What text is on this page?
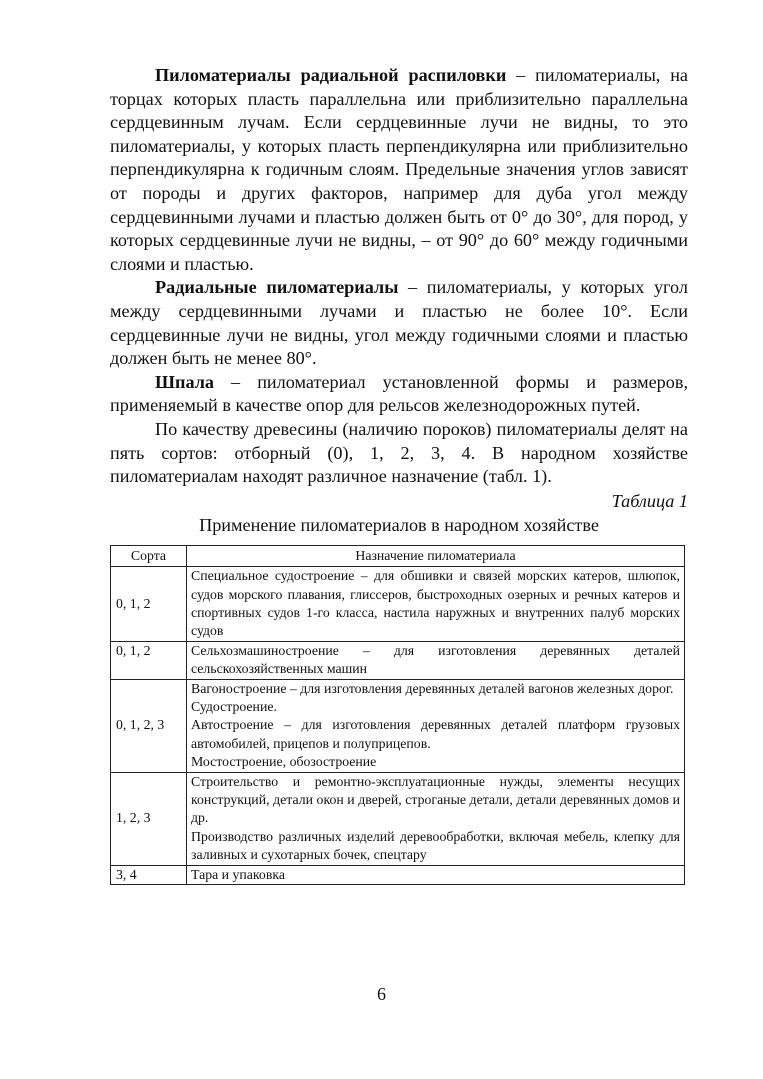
Пиломатериалы радиальной распиловки – пиломатериалы, на торцах которых пласть параллельна или приблизительно параллельна сердцевинным лучам. Если сердцевинные лучи не видны, то это пиломатериалы, у которых пласть перпендикулярна или приблизительно перпендикулярна к годичным слоям. Предельные значения углов зависят от породы и других факторов, например для дуба угол между сердцевинными лучами и пластью должен быть от 0° до 30°, для пород, у которых сердцевинные лучи не видны, – от 90° до 60° между годичными слоями и пластью.

Радиальные пиломатериалы – пиломатериалы, у которых угол между сердцевинными лучами и пластью не более 10°. Если сердцевинные лучи не видны, угол между годичными слоями и пластью должен быть не менее 80°.

Шпала – пиломатериал установленной формы и размеров, применяемый в качестве опор для рельсов железнодорожных путей.

По качеству древесины (наличию пороков) пиломатериалы делят на пять сортов: отборный (0), 1, 2, 3, 4. В народном хозяйстве пиломатериалам находят различное назначение (табл. 1).

Таблица 1
Применение пиломатериалов в народном хозяйстве
Сорта	Назначение пиломатериала
0, 1, 2	Специальное судостроение – для обшивки и связей морских катеров, шлюпок, судов морского плавания, глиссеров, быстроходных озерных и речных катеров и спортивных судов 1-го класса, настила наружных и внутренних палуб морских судов

0, 1, 2	Сельхозмашиностроение – для изготовления деревянных деталей сельскохозяйственных машин

0, 1, 2, 3	Вагоностроение – для изготовления деревянных деталей вагонов железных дорог.
Судостроение.
Автостроение – для изготовления деревянных деталей платформ грузовых автомобилей, прицепов и полуприцепов.
Мостостроение, обозостроение

1, 2, 3	Строительство и ремонтно-эксплуатационные нужды, элементы несущих конструкций, детали окон и дверей, строганые детали, детали деревянных домов и др.
Производство различных изделий деревообработки, включая мебель, клепку для заливных и сухотарных бочек, спецтару

3, 4	Тара и упаковка
6
